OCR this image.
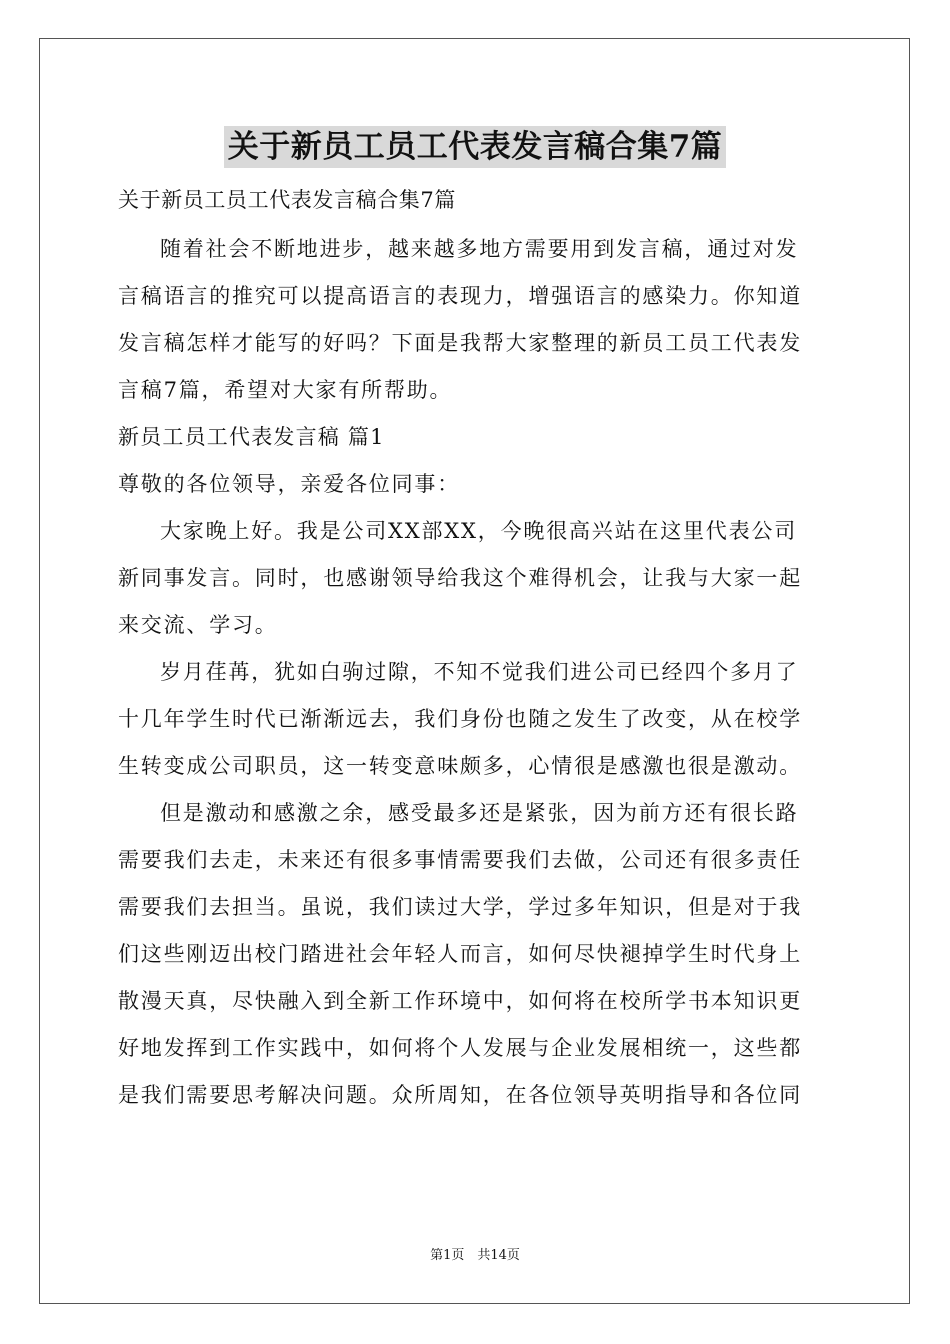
关于新员工员工代表发言稿合集7篇
关于新员工员工代表发言稿合集7篇
随着社会不断地进步，越来越多地方需要用到发言稿，通过对发
言稿语言的推究可以提高语言的表现力，增强语言的感染力。你知道
发言稿怎样才能写的好吗？下面是我帮大家整理的新员工员工代表发
言稿7篇，希望对大家有所帮助。
新员工员工代表发言稿 篇1
尊敬的各位领导，亲爱各位同事：
大家晚上好。我是公司XX部XX，今晚很高兴站在这里代表公司
新同事发言。同时，也感谢领导给我这个难得机会，让我与大家一起
来交流、学习。
岁月荏苒，犹如白驹过隙，不知不觉我们进公司已经四个多月了
十几年学生时代已渐渐远去，我们身份也随之发生了改变，从在校学
生转变成公司职员，这一转变意味颇多，心情很是感激也很是激动。
但是激动和感激之余，感受最多还是紧张，因为前方还有很长路
需要我们去走，未来还有很多事情需要我们去做，公司还有很多责任
需要我们去担当。虽说，我们读过大学，学过多年知识，但是对于我
们这些刚迈出校门踏进社会年轻人而言，如何尽快褪掉学生时代身上
散漫天真，尽快融入到全新工作环境中，如何将在校所学书本知识更
好地发挥到工作实践中，如何将个人发展与企业发展相统一，这些都
是我们需要思考解决问题。众所周知，在各位领导英明指导和各位同
第1页　共14页
